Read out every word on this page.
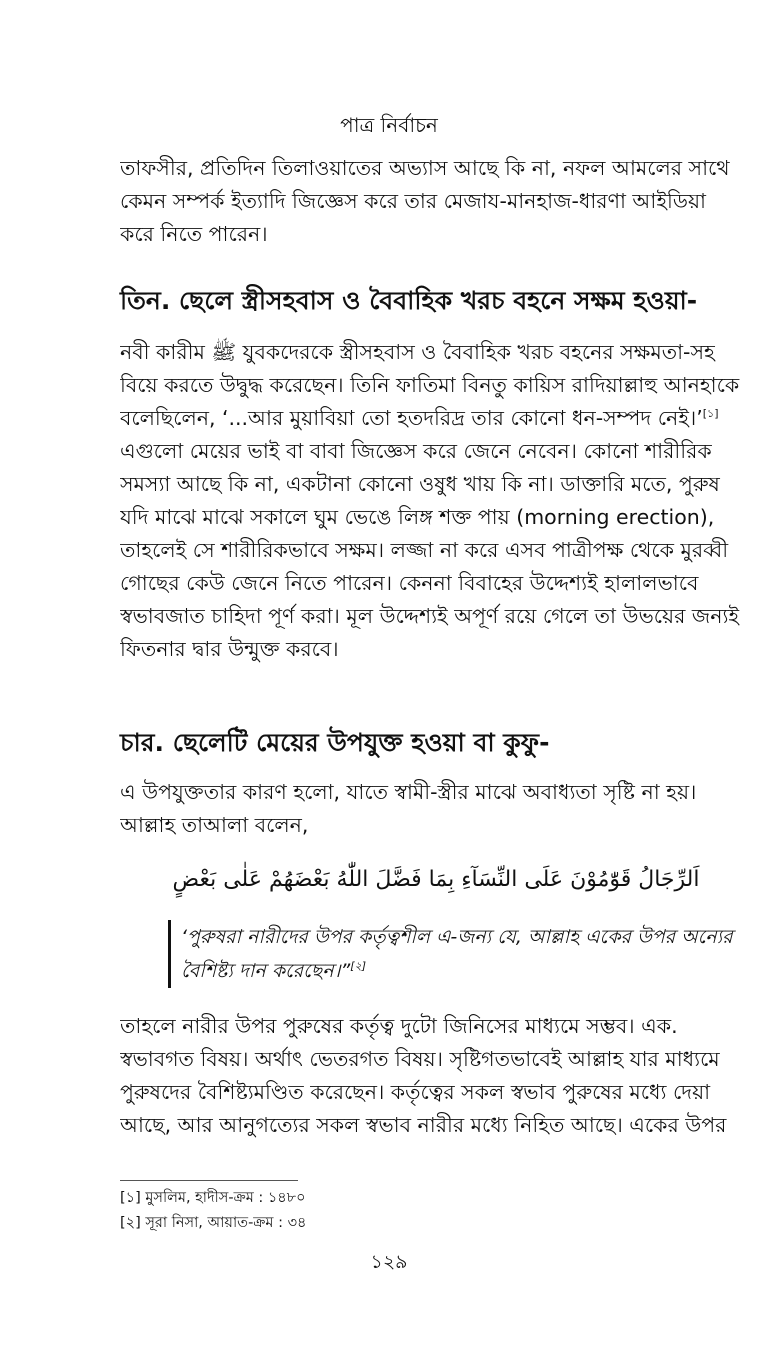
পাত্র নির্বাচন
তাফসীর, প্রতিদিন তিলাওয়াতের অভ্যাস আছে কি না, নফল আমলের সাথে
কেমন সম্পর্ক ইত্যাদি জিজ্ঞেস করে তার মেজায-মানহাজ-ধারণা আইডিয়া
করে নিতে পারেন।
তিন. ছেলে স্ত্রীসহবাস ও বৈবাহিক খরচ বহনে সক্ষম হওয়া-
নবী কারীম ﷺ যুবকদেরকে স্ত্রীসহবাস ও বৈবাহিক খরচ বহনের সক্ষমতা-সহ
বিয়ে করতে উদ্বুদ্ধ করেছেন। তিনি ফাতিমা বিনতু কায়িস রাদিয়াল্লাহু আনহাকে
বলেছিলেন, ‘...আর মুয়াবিয়া তো হতদরিদ্র তার কোনো ধন-সম্পদ নেই।’[১]
এগুলো মেয়ের ভাই বা বাবা জিজ্ঞেস করে জেনে নেবেন। কোনো শারীরিক
সমস্যা আছে কি না, একটানা কোনো ওষুধ খায় কি না। ডাক্তারি মতে, পুরুষ
যদি মাঝে মাঝে সকালে ঘুম ভেঙে লিঙ্গ শক্ত পায় (morning erection),
তাহলেই সে শারীরিকভাবে সক্ষম। লজ্জা না করে এসব পাত্রীপক্ষ থেকে মুরব্বী
গোছের কেউ জেনে নিতে পারেন। কেননা বিবাহের উদ্দেশ্যই হালালভাবে
স্বভাবজাত চাহিদা পূর্ণ করা। মূল উদ্দেশ্যই অপূর্ণ রয়ে গেলে তা উভয়ের জন্যই
ফিতনার দ্বার উন্মুক্ত করবে।
চার. ছেলেটি মেয়ের উপযুক্ত হওয়া বা কুফু-
এ উপযুক্ততার কারণ হলো, যাতে স্বামী-স্ত্রীর মাঝে অবাধ্যতা সৃষ্টি না হয়।
আল্লাহ তাআলা বলেন,
اَلرِّجَالُ قَوّٰمُوْنَ عَلَى النِّسَآءِ بِمَا فَضَّلَ اللّٰهُ بَعْضَهُمْ عَلٰى بَعْضٍ
‘পুরুষরা নারীদের উপর কর্তৃত্বশীল এ-জন্য যে, আল্লাহ একের উপর অন্যের
বৈশিষ্ট্য দান করেছেন।”[২]
তাহলে নারীর উপর পুরুষের কর্তৃত্ব দুটো জিনিসের মাধ্যমে সম্ভব। এক.
স্বভাবগত বিষয়। অর্থাৎ ভেতরগত বিষয়। সৃষ্টিগতভাবেই আল্লাহ যার মাধ্যমে
পুরুষদের বৈশিষ্ট্যমণ্ডিত করেছেন। কর্তৃত্বের সকল স্বভাব পুরুষের মধ্যে দেয়া
আছে, আর আনুগত্যের সকল স্বভাব নারীর মধ্যে নিহিত আছে। একের উপর
[১] মুসলিম, হাদীস-ক্রম : ১৪৮০
[২] সূরা নিসা, আয়াত-ক্রম : ৩৪
১২৯
